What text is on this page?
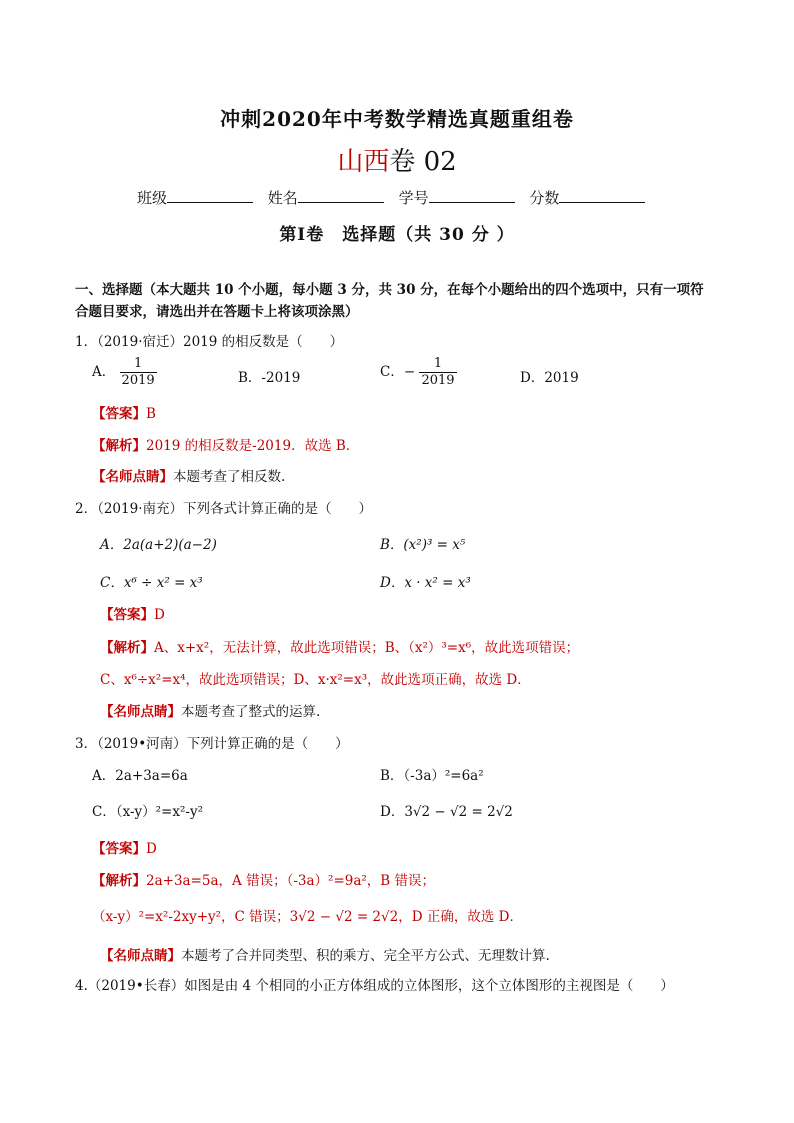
冲刺2020年中考数学精选真题重组卷
山西卷 02
班级	姓名	学号	分数
第Ⅰ卷　选择题（共 30 分 ）
一、选择题（本大题共 10 个小题，每小题 3 分，共 30 分，在每个小题给出的四个选项中，只有一项符合题目要求，请选出并在答题卡上将该项涂黑）
1．（2019·宿迁）2019 的相反数是（　　）
A． $\frac{1}{2019}$	B．-2019	C．− $\frac{1}{2019}$	D．2019
【答案】B
【解析】2019 的相反数是-2019．故选 B．
【名师点睛】本题考查了相反数.
2．（2019·南充）下列各式计算正确的是（　　）
A．2a(a+2)(a−2)	B．(x²)³ = x⁵
C．x⁶ ÷ x² = x³	D．x · x² = x³
【答案】D
【解析】A、x+x²，无法计算，故此选项错误；B、（x²）³=x⁶，故此选项错误；
C、x⁶÷x²=x⁴，故此选项错误；D、x·x²=x³，故此选项正确，故选 D．
【名师点睛】本题考查了整式的运算.
3．（2019•河南）下列计算正确的是（　　）
A．2a+3a=6a	B．（-3a）²=6a²
C．（x-y）²=x²-y²	D．3√2 − √2 = 2√2
【答案】D
【解析】2a+3a=5a，A 错误；（-3a）²=9a²，B 错误；
（x-y）²=x²-2xy+y²，C 错误；3√2 − √2 = 2√2，D 正确，故选 D．
【名师点睛】本题考了合并同类型、积的乘方、完全平方公式、无理数计算.
4.（2019•长春）如图是由 4 个相同的小正方体组成的立体图形，这个立体图形的主视图是（　　）
